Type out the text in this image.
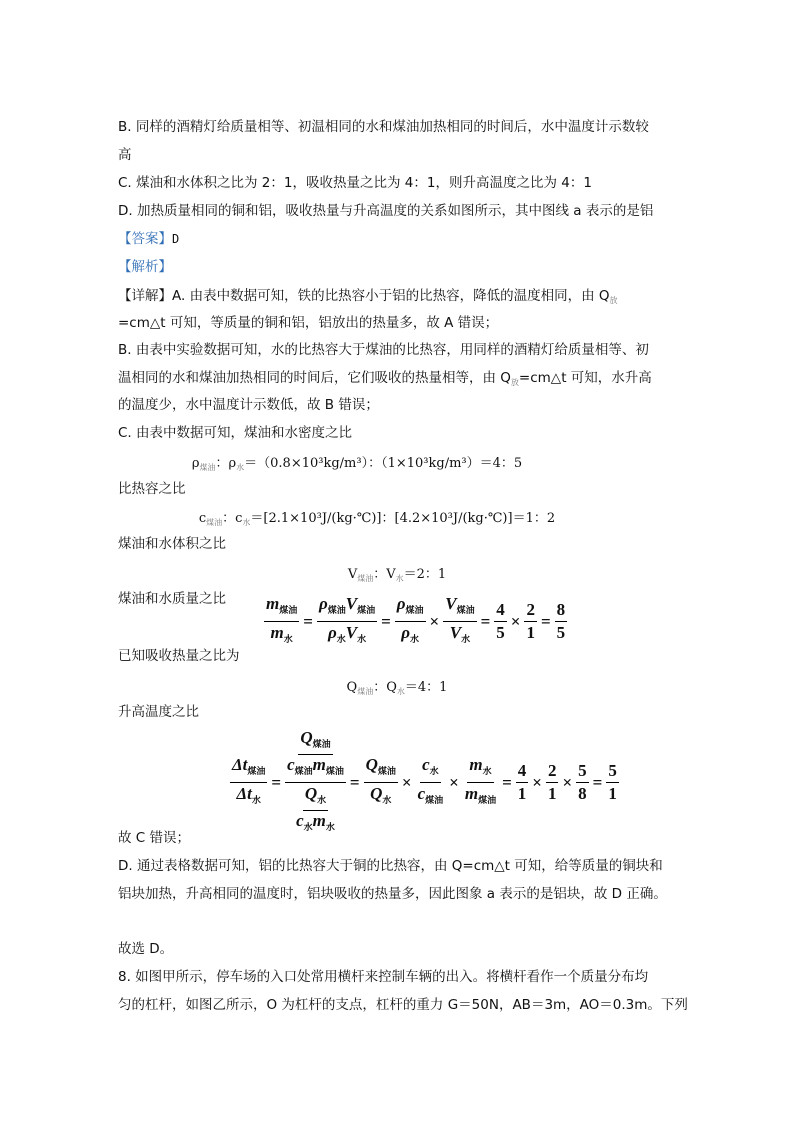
B. 同样的酒精灯给质量相等、初温相同的水和煤油加热相同的时间后，水中温度计示数较
高
C. 煤油和水体积之比为 2：1，吸收热量之比为 4：1，则升高温度之比为 4：1
D. 加热质量相同的铜和铝，吸收热量与升高温度的关系如图所示，其中图线 a 表示的是铝
【答案】D
【解析】
【详解】A. 由表中数据可知，铁的比热容小于铝的比热容，降低的温度相同，由 $Q_放$
=cm△t 可知，等质量的铜和铝，铝放出的热量多，故 A 错误；
B. 由表中实验数据可知，水的比热容大于煤油的比热容，用同样的酒精灯给质量相等、初
温相同的水和煤油加热相同的时间后，它们吸收的热量相等，由 $Q_放=cm\triangle t$ 可知，水升高
的温度少，水中温度计示数低，故 B 错误；
C. 由表中数据可知，煤油和水密度之比
$\rho_{煤油}$：$\rho_水=(0.8\times 10^3kg/m^3)$：（1×10³kg/m³）＝4：5
比热容之比
$c_{煤油}$：$c_水=[2.1\times 10^3J/(kg\cdot℃)]$：[4.2×10³J/(kg·℃)]＝1：2
煤油和水体积之比
$V_{煤油}$：$V_水=2$：1
煤油和水质量之比 $\frac{m_{煤油}}{m_水} = \frac{\rho_{煤油}V_{煤油}}{\rho_水V_水} = \frac{\rho_{煤油}}{\rho_水} \times \frac{V_{煤油}}{V_水} = \frac{4}{5} \times \frac{2}{1} = \frac{8}{5}$
已知吸收热量之比为
$Q_{煤油}$：$Q_水=4$：1
升高温度之比
$\frac{\Delta t_{煤油}}{\Delta t_水} = Q_{煤油}$
$c_{煤油}m_{煤油}$
$Q_水$
$c_水m_水 = \frac{Q_{煤油}}{Q_水} \times \frac{c_水}{c_{煤油}} \times \frac{m_水}{m_{煤油}} = \frac{4}{1} \times \frac{2}{1} \times \frac{5}{8} = \frac{5}{1}$
故 C 错误；
D. 通过表格数据可知，铝的比热容大于铜的比热容，由 Q=cm△t 可知，给等质量的铜块和
铝块加热，升高相同的温度时，铝块吸收的热量多，因此图象 a 表示的是铝块，故 D 正确。
故选 D。
8. 如图甲所示，停车场的入口处常用横杆来控制车辆的出入。将横杆看作一个质量分布均
匀的杠杆，如图乙所示，O 为杠杆的支点，杠杆的重力 G＝50N，AB＝3m，AO＝0.3m。下列
